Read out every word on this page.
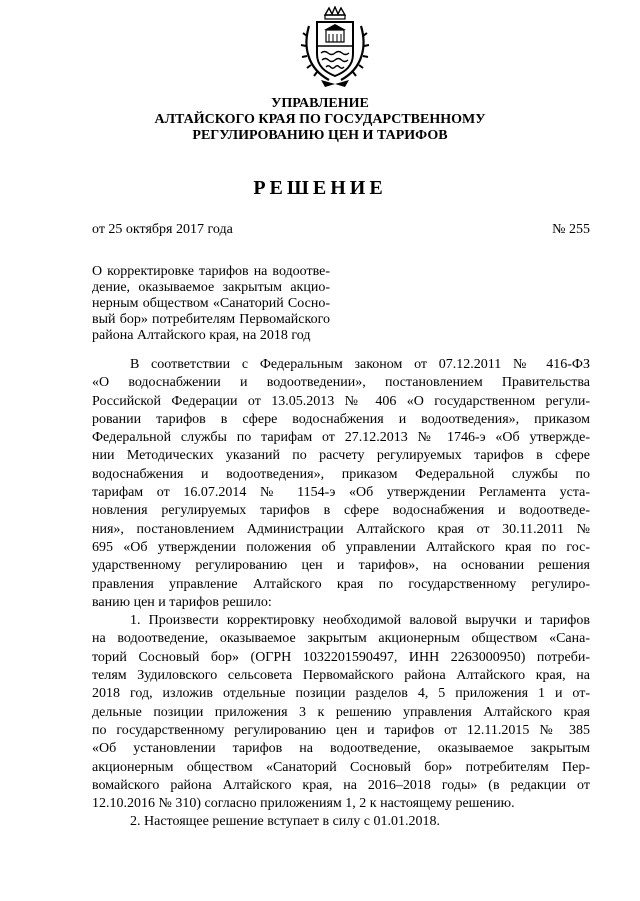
УПРАВЛЕНИЕ
АЛТАЙСКОГО КРАЯ ПО ГОСУДАРСТВЕННОМУ
РЕГУЛИРОВАНИЮ ЦЕН И ТАРИФОВ
РЕШЕНИЕ
от 25 октября 2017 года	№ 255
О корректировке тарифов на водоотве-
дение, оказываемое закрытым акцио-
нерным обществом «Санаторий Сосно-
вый бор» потребителям Первомайского
района Алтайского края, на 2018 год

В соответствии с Федеральным законом от 07.12.2011 № 416-ФЗ
«О водоснабжении и водоотведении», постановлением Правительства
Российской Федерации от 13.05.2013 № 406 «О государственном регули-
ровании тарифов в сфере водоснабжения и водоотведения», приказом
Федеральной службы по тарифам от 27.12.2013 № 1746-э «Об утвержде-
нии Методических указаний по расчету регулируемых тарифов в сфере
водоснабжения и водоотведения», приказом Федеральной службы по
тарифам от 16.07.2014 № 1154-э «Об утверждении Регламента уста-
новления регулируемых тарифов в сфере водоснабжения и водоотведе-
ния», постановлением Администрации Алтайского края от 30.11.2011 №
695 «Об утверждении положения об управлении Алтайского края по гос-
ударственному регулированию цен и тарифов», на основании решения
правления управление Алтайского края по государственному регулиро-
ванию цен и тарифов решило:

1. Произвести корректировку необходимой валовой выручки и тарифов
на водоотведение, оказываемое закрытым акционерным обществом «Сана-
торий Сосновый бор» (ОГРН 1032201590497, ИНН 2263000950) потреби-
телям Зудиловского сельсовета Первомайского района Алтайского края, на
2018 год, изложив отдельные позиции разделов 4, 5 приложения 1 и от-
дельные позиции приложения 3 к решению управления Алтайского края
по государственному регулированию цен и тарифов от 12.11.2015 № 385
«Об установлении тарифов на водоотведение, оказываемое закрытым
акционерным обществом «Санаторий Сосновый бор» потребителям Пер-
вомайского района Алтайского края, на 2016–2018 годы» (в редакции от
12.10.2016 № 310) согласно приложениям 1, 2 к настоящему решению.

2. Настоящее решение вступает в силу с 01.01.2018.
